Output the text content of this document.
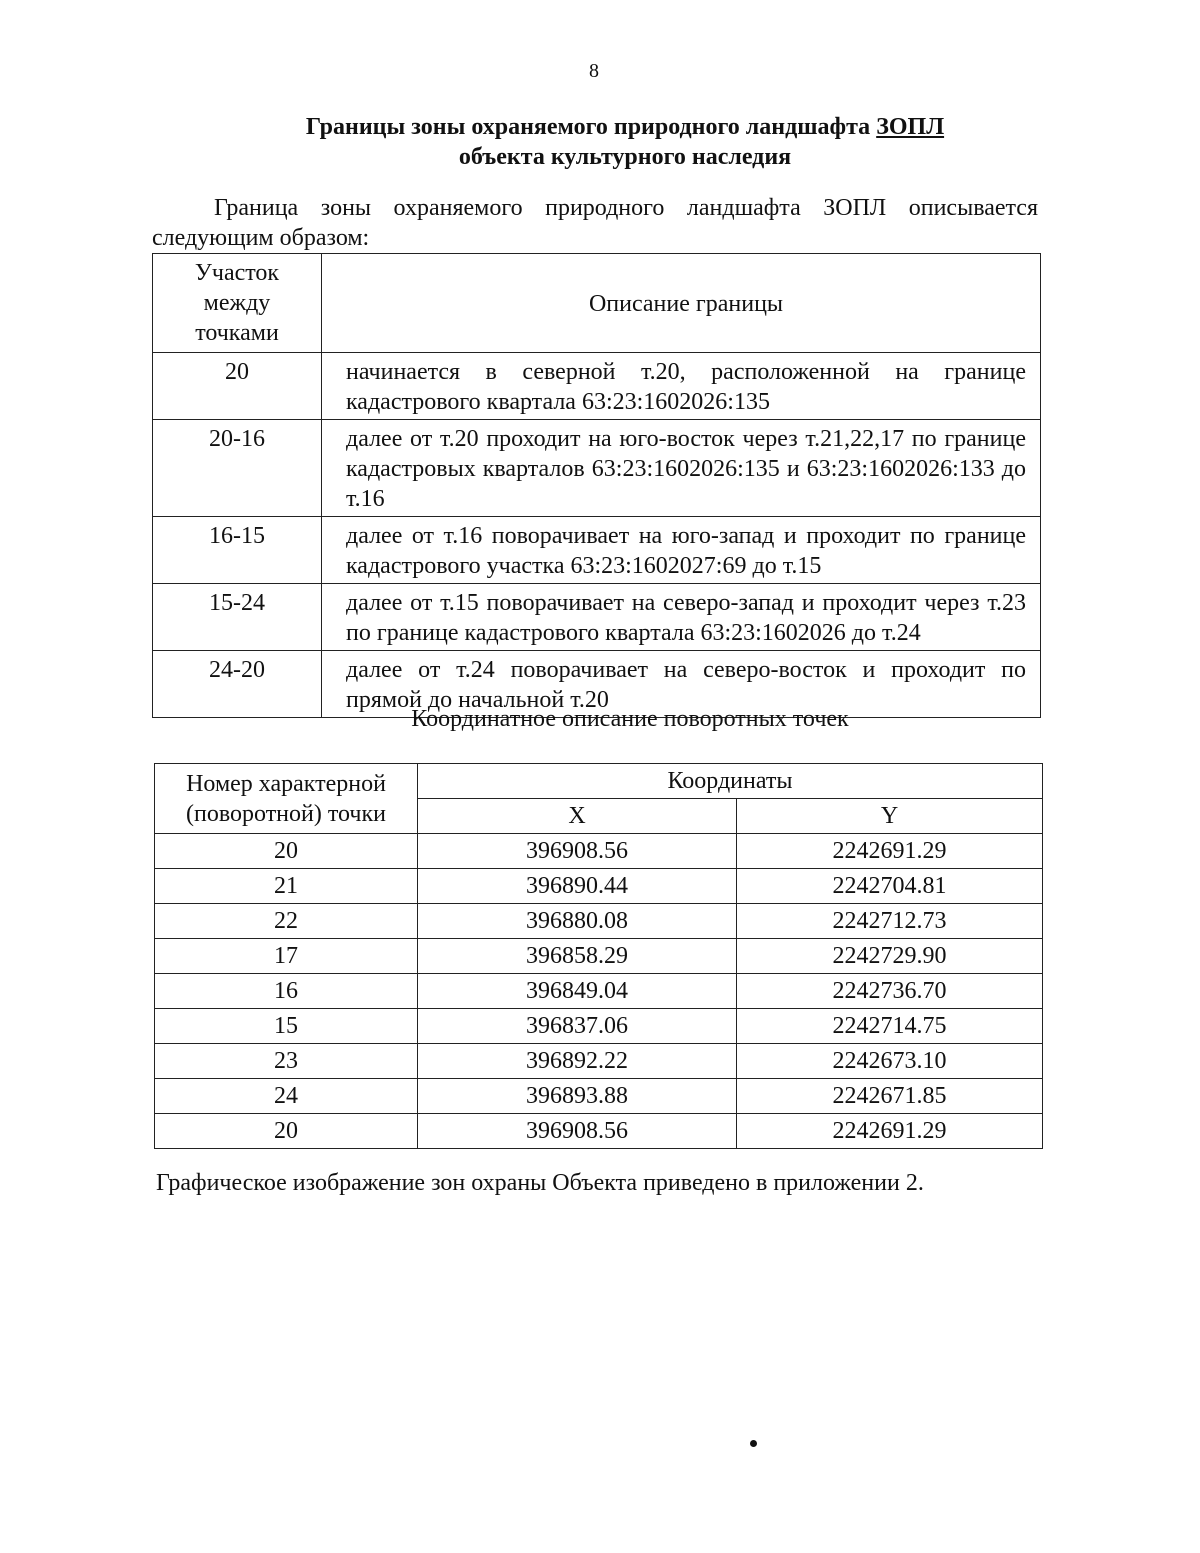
8
Границы зоны охраняемого природного ландшафта ЗОПЛ
объекта культурного наследия
Граница зоны охраняемого природного ландшафта ЗОПЛ описывается следующим образом:
Участок между точками	Описание границы
20	начинается в северной т.20, расположенной на границе кадастрового квартала 63:23:1602026:135
20-16	далее от т.20 проходит на юго-восток через т.21,22,17 по границе кадастровых кварталов 63:23:1602026:135 и 63:23:1602026:133 до т.16
16-15	далее от т.16 поворачивает на юго-запад и проходит по границе кадастрового участка 63:23:1602027:69 до т.15
15-24	далее от т.15 поворачивает на северо-запад и проходит через т.23 по границе кадастрового квартала 63:23:1602026 до т.24
24-20	далее от т.24 поворачивает на северо-восток и проходит по прямой до начальной т.20
Координатное описание поворотных точек
Номер характерной (поворотной) точки	Координаты	
	X	Y
20	396908.56	2242691.29
21	396890.44	2242704.81
22	396880.08	2242712.73
17	396858.29	2242729.90
16	396849.04	2242736.70
15	396837.06	2242714.75
23	396892.22	2242673.10
24	396893.88	2242671.85
20	396908.56	2242691.29
Графическое изображение зон охраны Объекта приведено в приложении 2.
